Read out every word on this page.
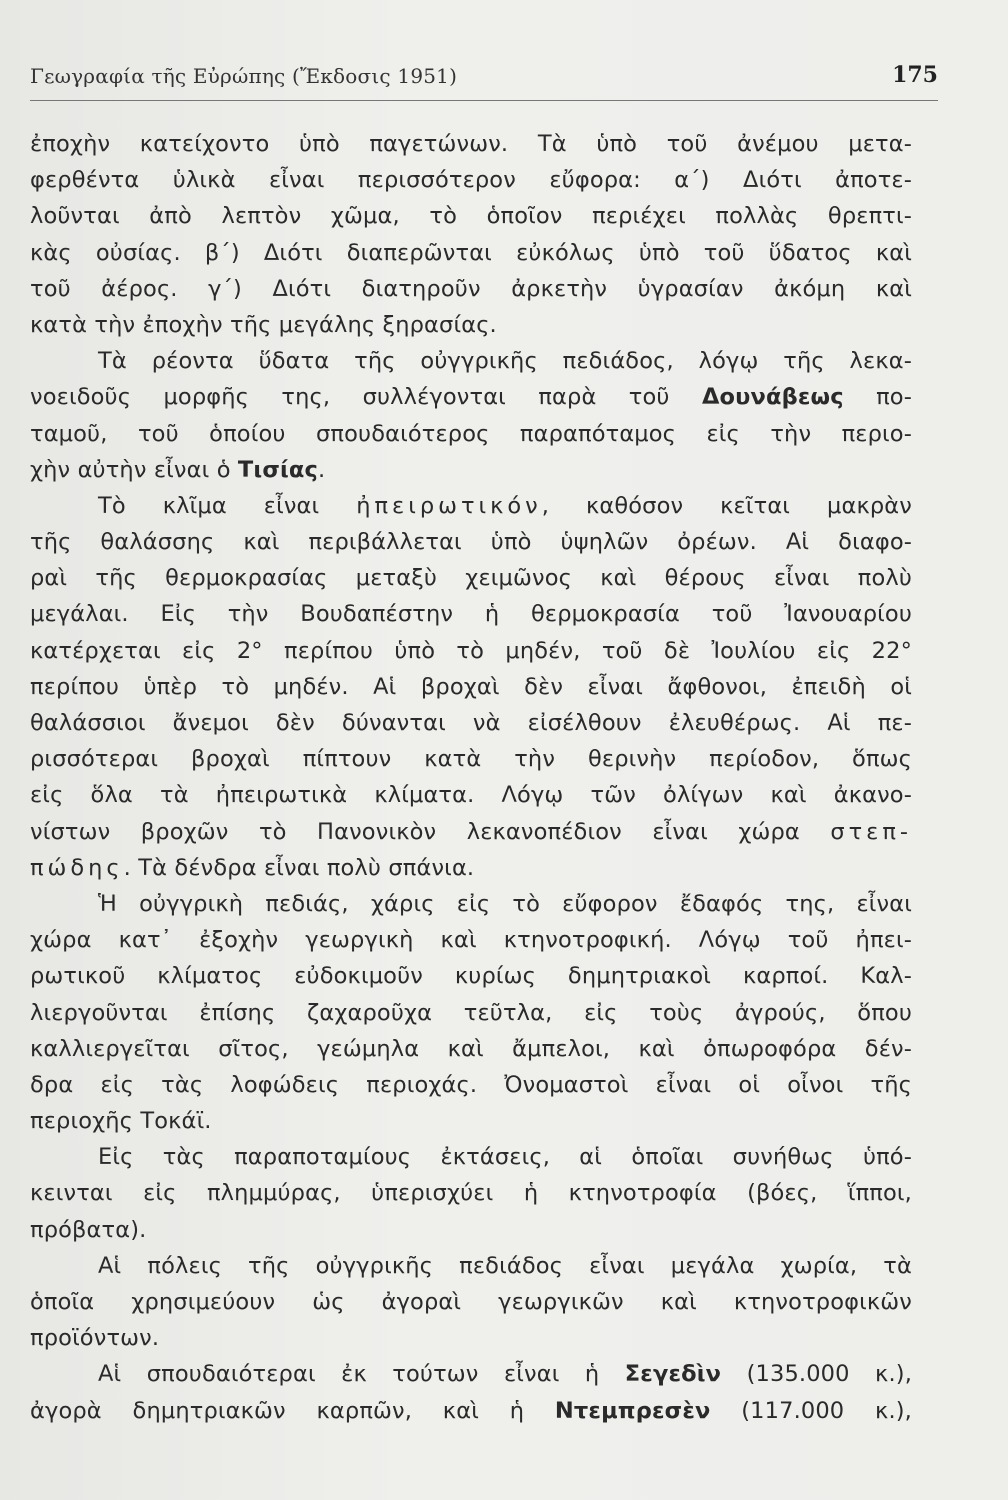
Γεωγραφία τῆς Εὐρώπης (Ἔκδοσις 1951)	175
ἐποχὴν κατείχοντο ὑπὸ παγετώνων. Τὰ ὑπὸ τοῦ ἀνέμου μετα-
φερθέντα ὑλικὰ εἶναι περισσότερον εὔφορα: α΄) Διότι ἀποτε-
λοῦνται ἀπὸ λεπτὸν χῶμα, τὸ ὁποῖον περιέχει πολλὰς θρεπτι-
κὰς οὐσίας. β΄) Διότι διαπερῶνται εὐκόλως ὑπὸ τοῦ ὕδατος καὶ
τοῦ ἀέρος. γ΄) Διότι διατηροῦν ἀρκετὴν ὑγρασίαν ἀκόμη καὶ
κατὰ τὴν ἐποχὴν τῆς μεγάλης ξηρασίας.
Τὰ ρέοντα ὕδατα τῆς οὐγγρικῆς πεδιάδος, λόγῳ τῆς λεκα-
νοειδοῦς μορφῆς της, συλλέγονται παρὰ τοῦ Δουνάβεως πο-
ταμοῦ, τοῦ ὁποίου σπουδαιότερος παραπόταμος εἰς τὴν περιο-
χὴν αὐτὴν εἶναι ὁ Τισίας.
Τὸ κλῖμα εἶναι ἠπειρωτικόν, καθόσον κεῖται μακρὰν
τῆς θαλάσσης καὶ περιβάλλεται ὑπὸ ὑψηλῶν ὀρέων. Αἱ διαφο-
ραὶ τῆς θερμοκρασίας μεταξὺ χειμῶνος καὶ θέρους εἶναι πολὺ
μεγάλαι. Εἰς τὴν Βουδαπέστην ἡ θερμοκρασία τοῦ Ἰανουαρίου
κατέρχεται εἰς 2° περίπου ὑπὸ τὸ μηδέν, τοῦ δὲ Ἰουλίου εἰς 22°
περίπου ὑπὲρ τὸ μηδέν. Αἱ βροχαὶ δὲν εἶναι ἄφθονοι, ἐπειδὴ οἱ
θαλάσσιοι ἄνεμοι δὲν δύνανται νὰ εἰσέλθουν ἐλευθέρως. Αἱ πε-
ρισσότεραι βροχαὶ πίπτουν κατὰ τὴν θερινὴν περίοδον, ὅπως
εἰς ὅλα τὰ ἠπειρωτικὰ κλίματα. Λόγῳ τῶν ὀλίγων καὶ ἀκανο-
νίστων βροχῶν τὸ Πανονικὸν λεκανοπέδιον εἶναι χώρα στεπ-
πώδης. Τὰ δένδρα εἶναι πολὺ σπάνια.
Ἡ οὐγγρικὴ πεδιάς, χάρις εἰς τὸ εὔφορον ἔδαφός της, εἶναι
χώρα κατ᾽ ἐξοχὴν γεωργικὴ καὶ κτηνοτροφική. Λόγῳ τοῦ ἠπει-
ρωτικοῦ κλίματος εὐδοκιμοῦν κυρίως δημητριακοὶ καρποί. Καλ-
λιεργοῦνται ἐπίσης ζαχαροῦχα τεῦτλα, εἰς τοὺς ἀγρούς, ὅπου
καλλιεργεῖται σῖτος, γεώμηλα καὶ ἄμπελοι, καὶ ὀπωροφόρα δέν-
δρα εἰς τὰς λοφώδεις περιοχάς. Ὀνομαστοὶ εἶναι οἱ οἶνοι τῆς
περιοχῆς Τοκάϊ.
Εἰς τὰς παραποταμίους ἐκτάσεις, αἱ ὁποῖαι συνήθως ὑπό-
κεινται εἰς πλημμύρας, ὑπερισχύει ἡ κτηνοτροφία (βόες, ἵπποι,
πρόβατα).
Αἱ πόλεις τῆς οὐγγρικῆς πεδιάδος εἶναι μεγάλα χωρία, τὰ
ὁποῖα χρησιμεύουν ὡς ἀγοραὶ γεωργικῶν καὶ κτηνοτροφικῶν
προϊόντων.
Αἱ σπουδαιότεραι ἐκ τούτων εἶναι ἡ Σεγεδὶν (135.000 κ.),
ἀγορὰ δημητριακῶν καρπῶν, καὶ ἡ Ντεμπρεσὲν (117.000 κ.),
